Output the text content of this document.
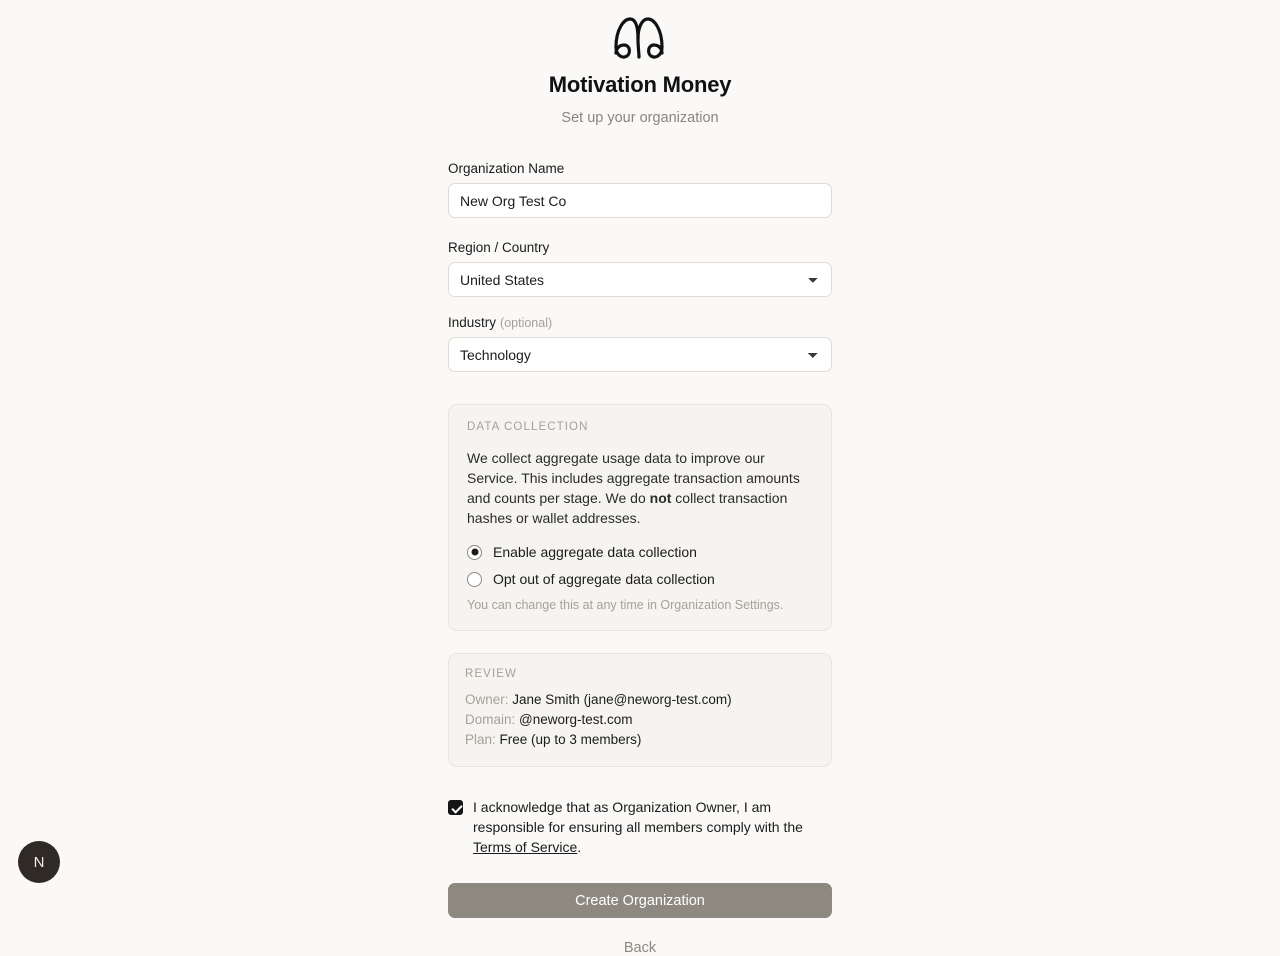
Motivation Money

Set up your organization

Organization Name
New Org Test Co
Region / Country
United States
Industry (optional)
Technology
DATA COLLECTION
We collect aggregate usage data to improve our Service. This includes aggregate transaction amounts and counts per stage. We do not collect transaction hashes or wallet addresses.
Enable aggregate data collection
Opt out of aggregate data collection
You can change this at any time in Organization Settings.
REVIEW
Owner: Jane Smith (jane@neworg-test.com)
Domain: @neworg-test.com
Plan: Free (up to 3 members)
I acknowledge that as Organization Owner, I am responsible for ensuring all members comply with the Terms of Service.
Create Organization
Back
N
